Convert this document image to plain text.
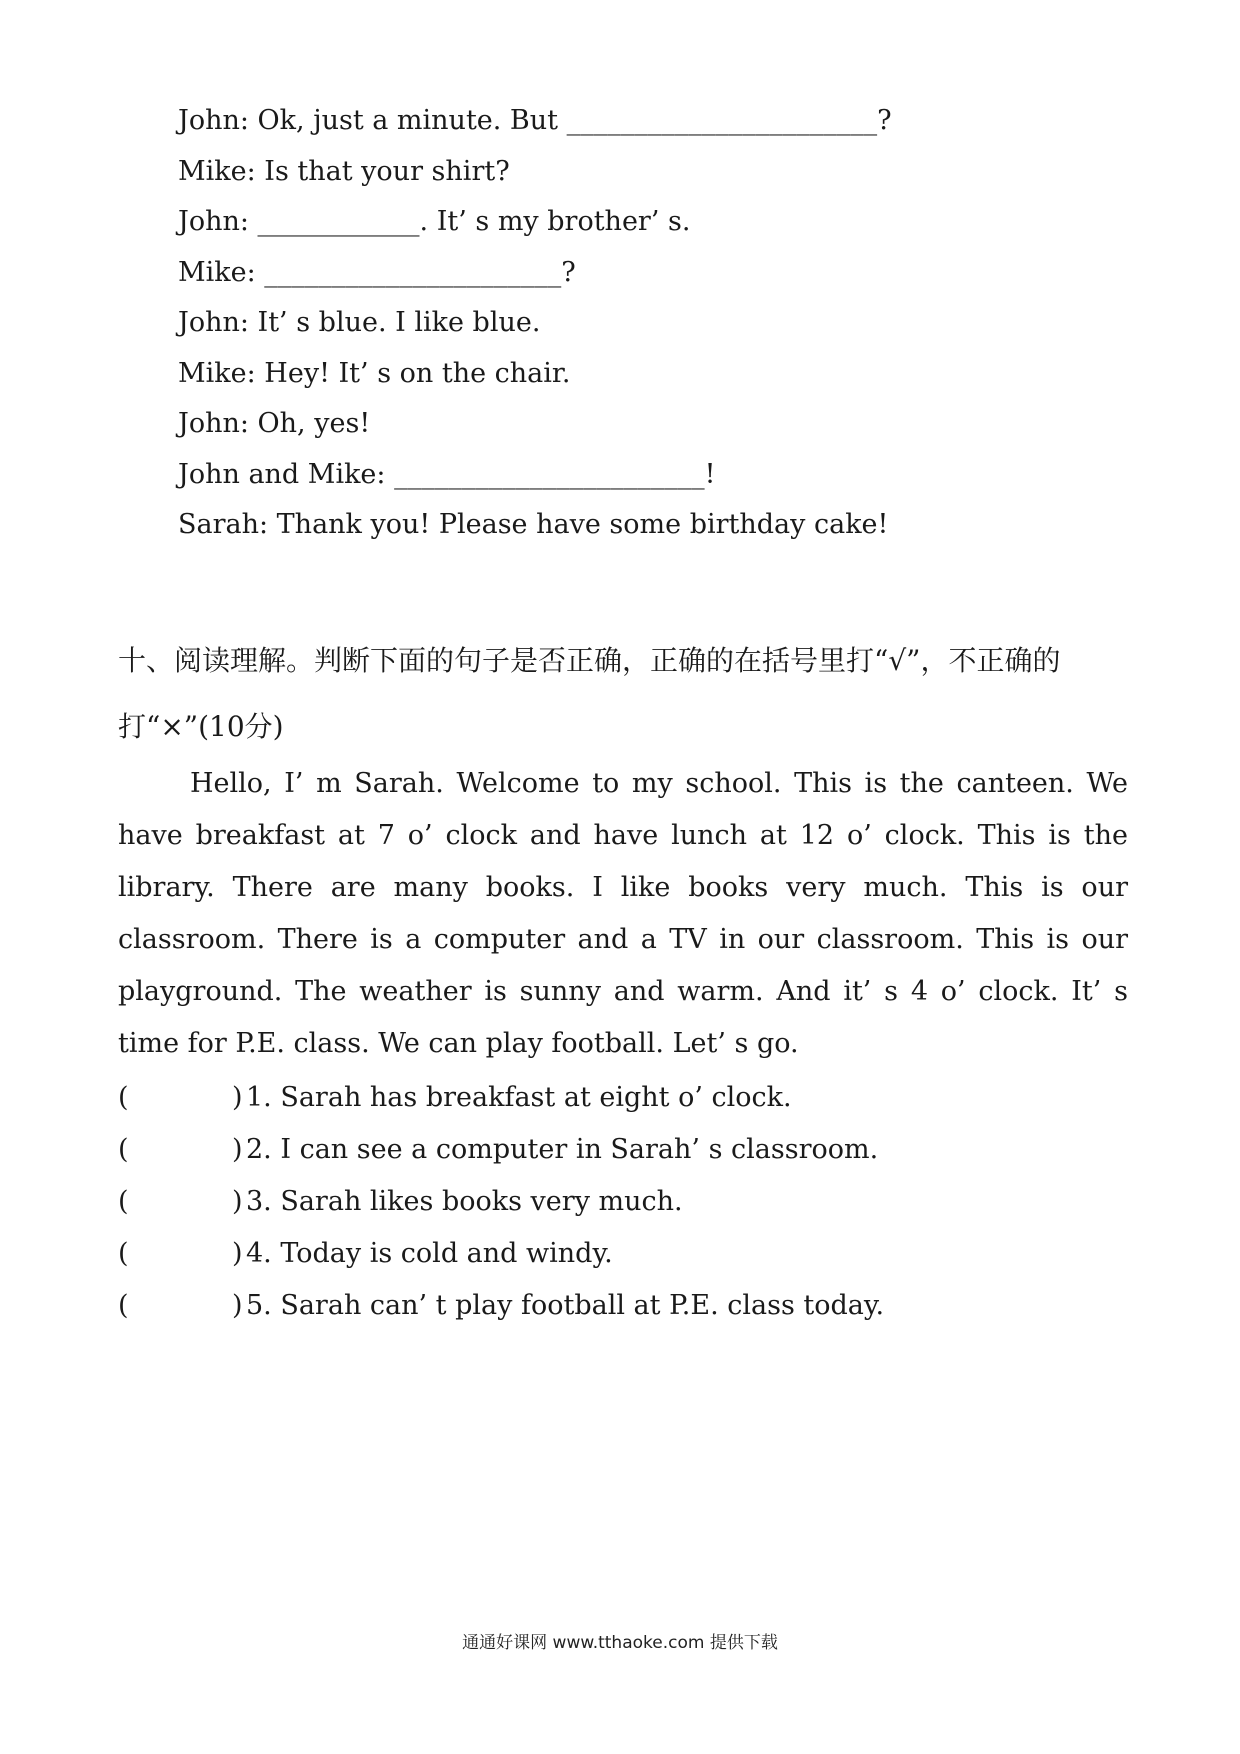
John: Ok, just a minute. But _______________________?
Mike: Is that your shirt?
John: ____________. It’ s my brother’ s.
Mike: ______________________?
John: It’ s blue. I like blue.
Mike: Hey! It’ s on the chair.
John: Oh, yes!
John and Mike: _______________________!
Sarah: Thank you! Please have some birthday cake!
十、阅读理解。判断下面的句子是否正确，正确的在括号里打“√”，不正确的
打“×”(10分)
Hello, I’ m Sarah. Welcome to my school. This is the canteen. We
have breakfast at 7 o’ clock and have lunch at 12 o’ clock. This is the
library. There are many books. I like books very much. This is our
classroom. There is a computer and a TV in our classroom. This is our
playground. The weather is sunny and warm. And it’ s 4 o’ clock. It’ s
time for P.E. class. We can play football. Let’ s go.
(	) 1. Sarah has breakfast at eight o’ clock.
(	) 2. I can see a computer in Sarah’ s classroom.
(	) 3. Sarah likes books very much.
(	) 4. Today is cold and windy.
(	) 5. Sarah can’ t play football at P.E. class today.
通通好课网 www.tthaoke.com 提供下载
